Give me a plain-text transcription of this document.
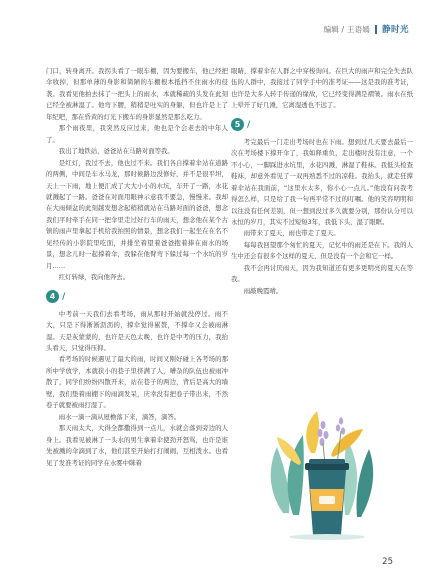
编辑 / 王语嫣 静时光

门口，转身离开。我拐头看了一眼车棚，因为要搬车，他已经把伞收掉，但那单薄的身影和简陋的车棚根本抵挡不住雨水的侵袭。我看见他拍去抹了一把头上的雨水，本就稀疏的头发在此刻已经全被淋湿了。他弯下腰，稍稍是吐实的身躯，但也许是上了年纪吧，那在昏黄的灯光下搬车的身影显然是那么吃力。

那个雨夜里，我突然反应过来，他也是个会老去的中年人了。

我出了地铁站，爸爸站在马路对面等我。

是红灯，我过不去，他也过不来。我们各自撑着伞站在道路的两侧，中间是车水马龙，那时候路边没修好，并不是很平坦，天上一下雨，地上便汇成了大大小小的水坑，车开了一路，水花就溅起了一路。爸爸在对面用眼神示意我不要急，慢慢来。我却在大雨倾盆的此刻越发想念起稍稍就站在马路对面的爸爸，想念我们平时牵手在同一把伞里走过好行车的雨天，想念他在某个古镇的雨声里拿起手机给我拍照的情景，想念我们一起坐在在名不见经传的小影院里吃面，并排坐着望着爸爸抱着捧在雨水的场景，想念儿时一起撑着伞，我躲在他臂弯下躲过每一个水坑的岁月……

红灯转绿，我向他奔去。

4 /

中考前一天我们去看考场，雨从那时开始就没停过。雨不大，只是下得淅淅沥沥的，撑伞觉得累赘，不撑伞又会被雨淋湿。天是灰蒙蒙的，也许是天色太晚，也许是中考的压力，我抬头看天，只觉得压抑。

看考场的时候遇见了最大的雨，时间又刚好碰上各考场的那所中学放学，本就狭小的巷子里挤满了人，嘈杂的队伍也被雨冲散了，同学们纷纷四散开来，站在巷子的两边，背后是高大的墙壁，我们垫着雨棚下的雨滴发呆，庆幸没有把卷子带出来，不然卷子就要被雨打湿了。

雨水一滴一滴从屋檐落下来，滴答，滴答。

那天雨太大，大得全都撒得到一点儿，水就会落到旁边的人身上。我看见被淋了一头水的男生拿着伞使劲开怒骂，也许是谁先被溅的伞滴到了水，他们甚至开始打打闹闹，互相泼水。也看见了发准考证的同学在水雾中眯着

眼睛，撑着伞在人群之中穿梭询问。在巨大的雨声和完全失去队伍的人群中，我接过了同学手中的准考证——这是我的准考证，也许是大多人转手传递的缘故，它已经变得满是褶皱。雨水在纸上晕开了好几滩，它离湿透也不远了。

5 /

考完最后一门走出考场时也在下雨。想到过几天要去最后一次在考场楼下撑开伞了，我如释重负，走出楼时没有注意，一个不小心，一脚踩进水坑里，水花四溅，淋湿了鞋袜。我低头检查鞋袜，却意外看见了一双再熟悉不过的凉鞋。我抬头，就走狂撑着伞站在我面前，“这里水太多，你小心一点儿。”他没有问我考得怎么样，只是给了我一句再平常不过的叮嘱。他的笑容明明和以往没有任何差别，但一想到没过多久就要分别，那份认分可以永恒的岁月，其实不过短短3年，我低下头，湿了眼眶。

雨带来了夏天，雨也带走了夏天。

每每我回望那个匆忙的夏天，记忆中的雨还是在下。我的人生中还会有很多个这样的夏天，但是没有一个会和它一样。

我不会再讨厌雨天，因为我知道还有更多更明亮的夏天在等我。

雨敲晚霞晴。

25
